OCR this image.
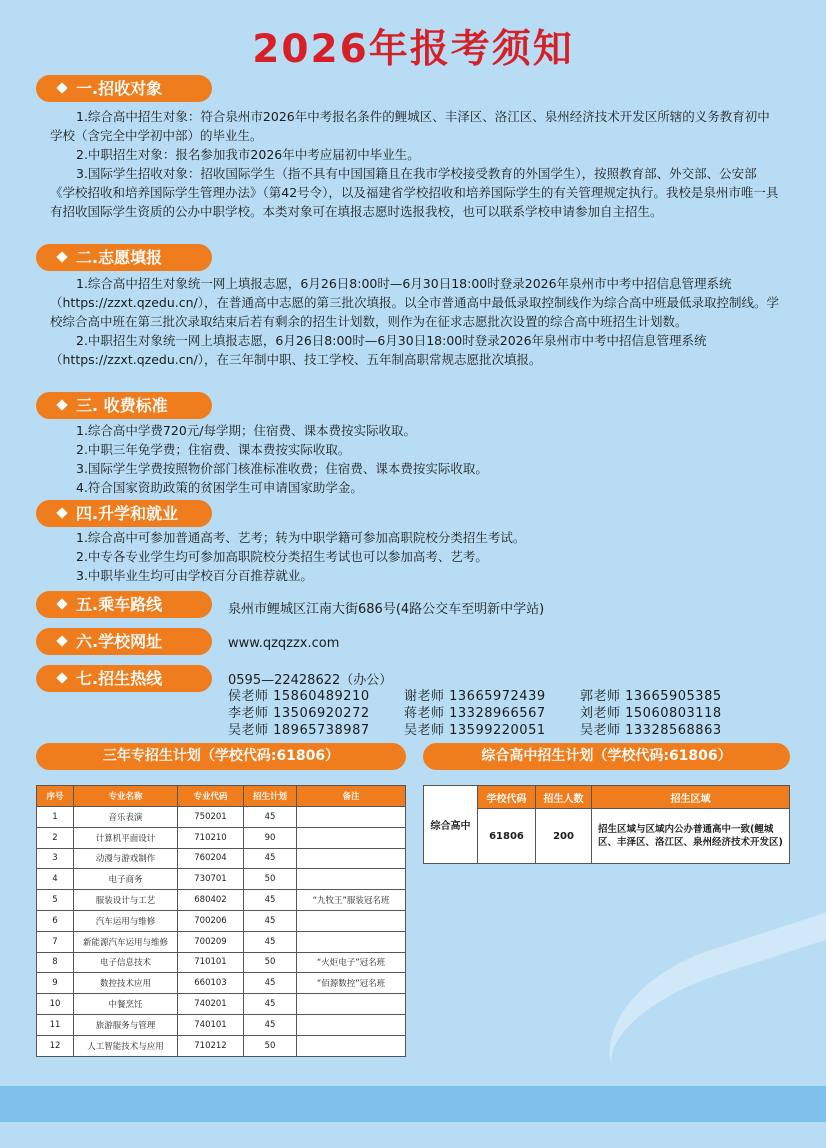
2026年报考须知
一.招收对象

1.综合高中招生对象：符合泉州市2026年中考报名条件的鲤城区、丰泽区、洛江区、泉州经济技术开发区所辖的义务教育初中学校（含完全中学初中部）的毕业生。

2.中职招生对象：报名参加我市2026年中考应届初中毕业生。

3.国际学生招收对象：招收国际学生（指不具有中国国籍且在我市学校接受教育的外国学生），按照教育部、外交部、公安部《学校招收和培养国际学生管理办法》（第42号令），以及福建省学校招收和培养国际学生的有关管理规定执行。我校是泉州市唯一具有招收国际学生资质的公办中职学校。本类对象可在填报志愿时选报我校，也可以联系学校申请参加自主招生。

二.志愿填报

1.综合高中招生对象统一网上填报志愿，6月26日8:00时—6月30日18:00时登录2026年泉州市中考中招信息管理系统（https://zzxt.qzedu.cn/），在普通高中志愿的第三批次填报。以全市普通高中最低录取控制线作为综合高中班最低录取控制线。学校综合高中班在第三批次录取结束后若有剩余的招生计划数，则作为在征求志愿批次设置的综合高中班招生计划数。

2.中职招生对象统一网上填报志愿，6月26日8:00时—6月30日18:00时登录2026年泉州市中考中招信息管理系统（https://zzxt.qzedu.cn/），在三年制中职、技工学校、五年制高职常规志愿批次填报。

三. 收费标准
1.综合高中学费720元/每学期；住宿费、课本费按实际收取。
2.中职三年免学费；住宿费、课本费按实际收取。
3.国际学生学费按照物价部门核准标准收费；住宿费、课本费按实际收取。
4.符合国家资助政策的贫困学生可申请国家助学金。
四.升学和就业
1.综合高中可参加普通高考、艺考；转为中职学籍可参加高职院校分类招生考试。
2.中专各专业学生均可参加高职院校分类招生考试也可以参加高考、艺考。
3.中职毕业生均可由学校百分百推荐就业。
五.乘车路线	泉州市鲤城区江南大街686号(4路公交车至明新中学站)
六.学校网址	www.qzqzzx.com
七.招生热线	0595—22428622（办公）
侯老师 15860489210	谢老师 13665972439	郭老师 13665905385
李老师 13506920272	蒋老师 13328966567	刘老师 15060803118
吴老师 18965738987	吴老师 13599220051	吴老师 13328568863
三年专招生计划（学校代码:61806）	综合高中招生计划（学校代码:61806）
序号	专业名称	专业代码	招生计划	备注
1	音乐表演	750201	45	
2	计算机平面设计	710210	90	
3	动漫与游戏制作	760204	45	
4	电子商务	730701	50	
5	服装设计与工艺	680402	45	“九牧王”服装冠名班
6	汽车运用与维修	700206	45	
7	新能源汽车运用与维修	700209	45	
8	电子信息技术	710101	50	“火炬电子”冠名班
9	数控技术应用	660103	45	“佰源数控”冠名班
10	中餐烹饪	740201	45	
11	旅游服务与管理	740101	45	
12	人工智能技术与应用	710212	50	
综合高中	学校代码	招生人数	招生区域
	61806	200	招生区域与区域内公办普通高中一致(鲤城区、丰泽区、洛江区、泉州经济技术开发区)
